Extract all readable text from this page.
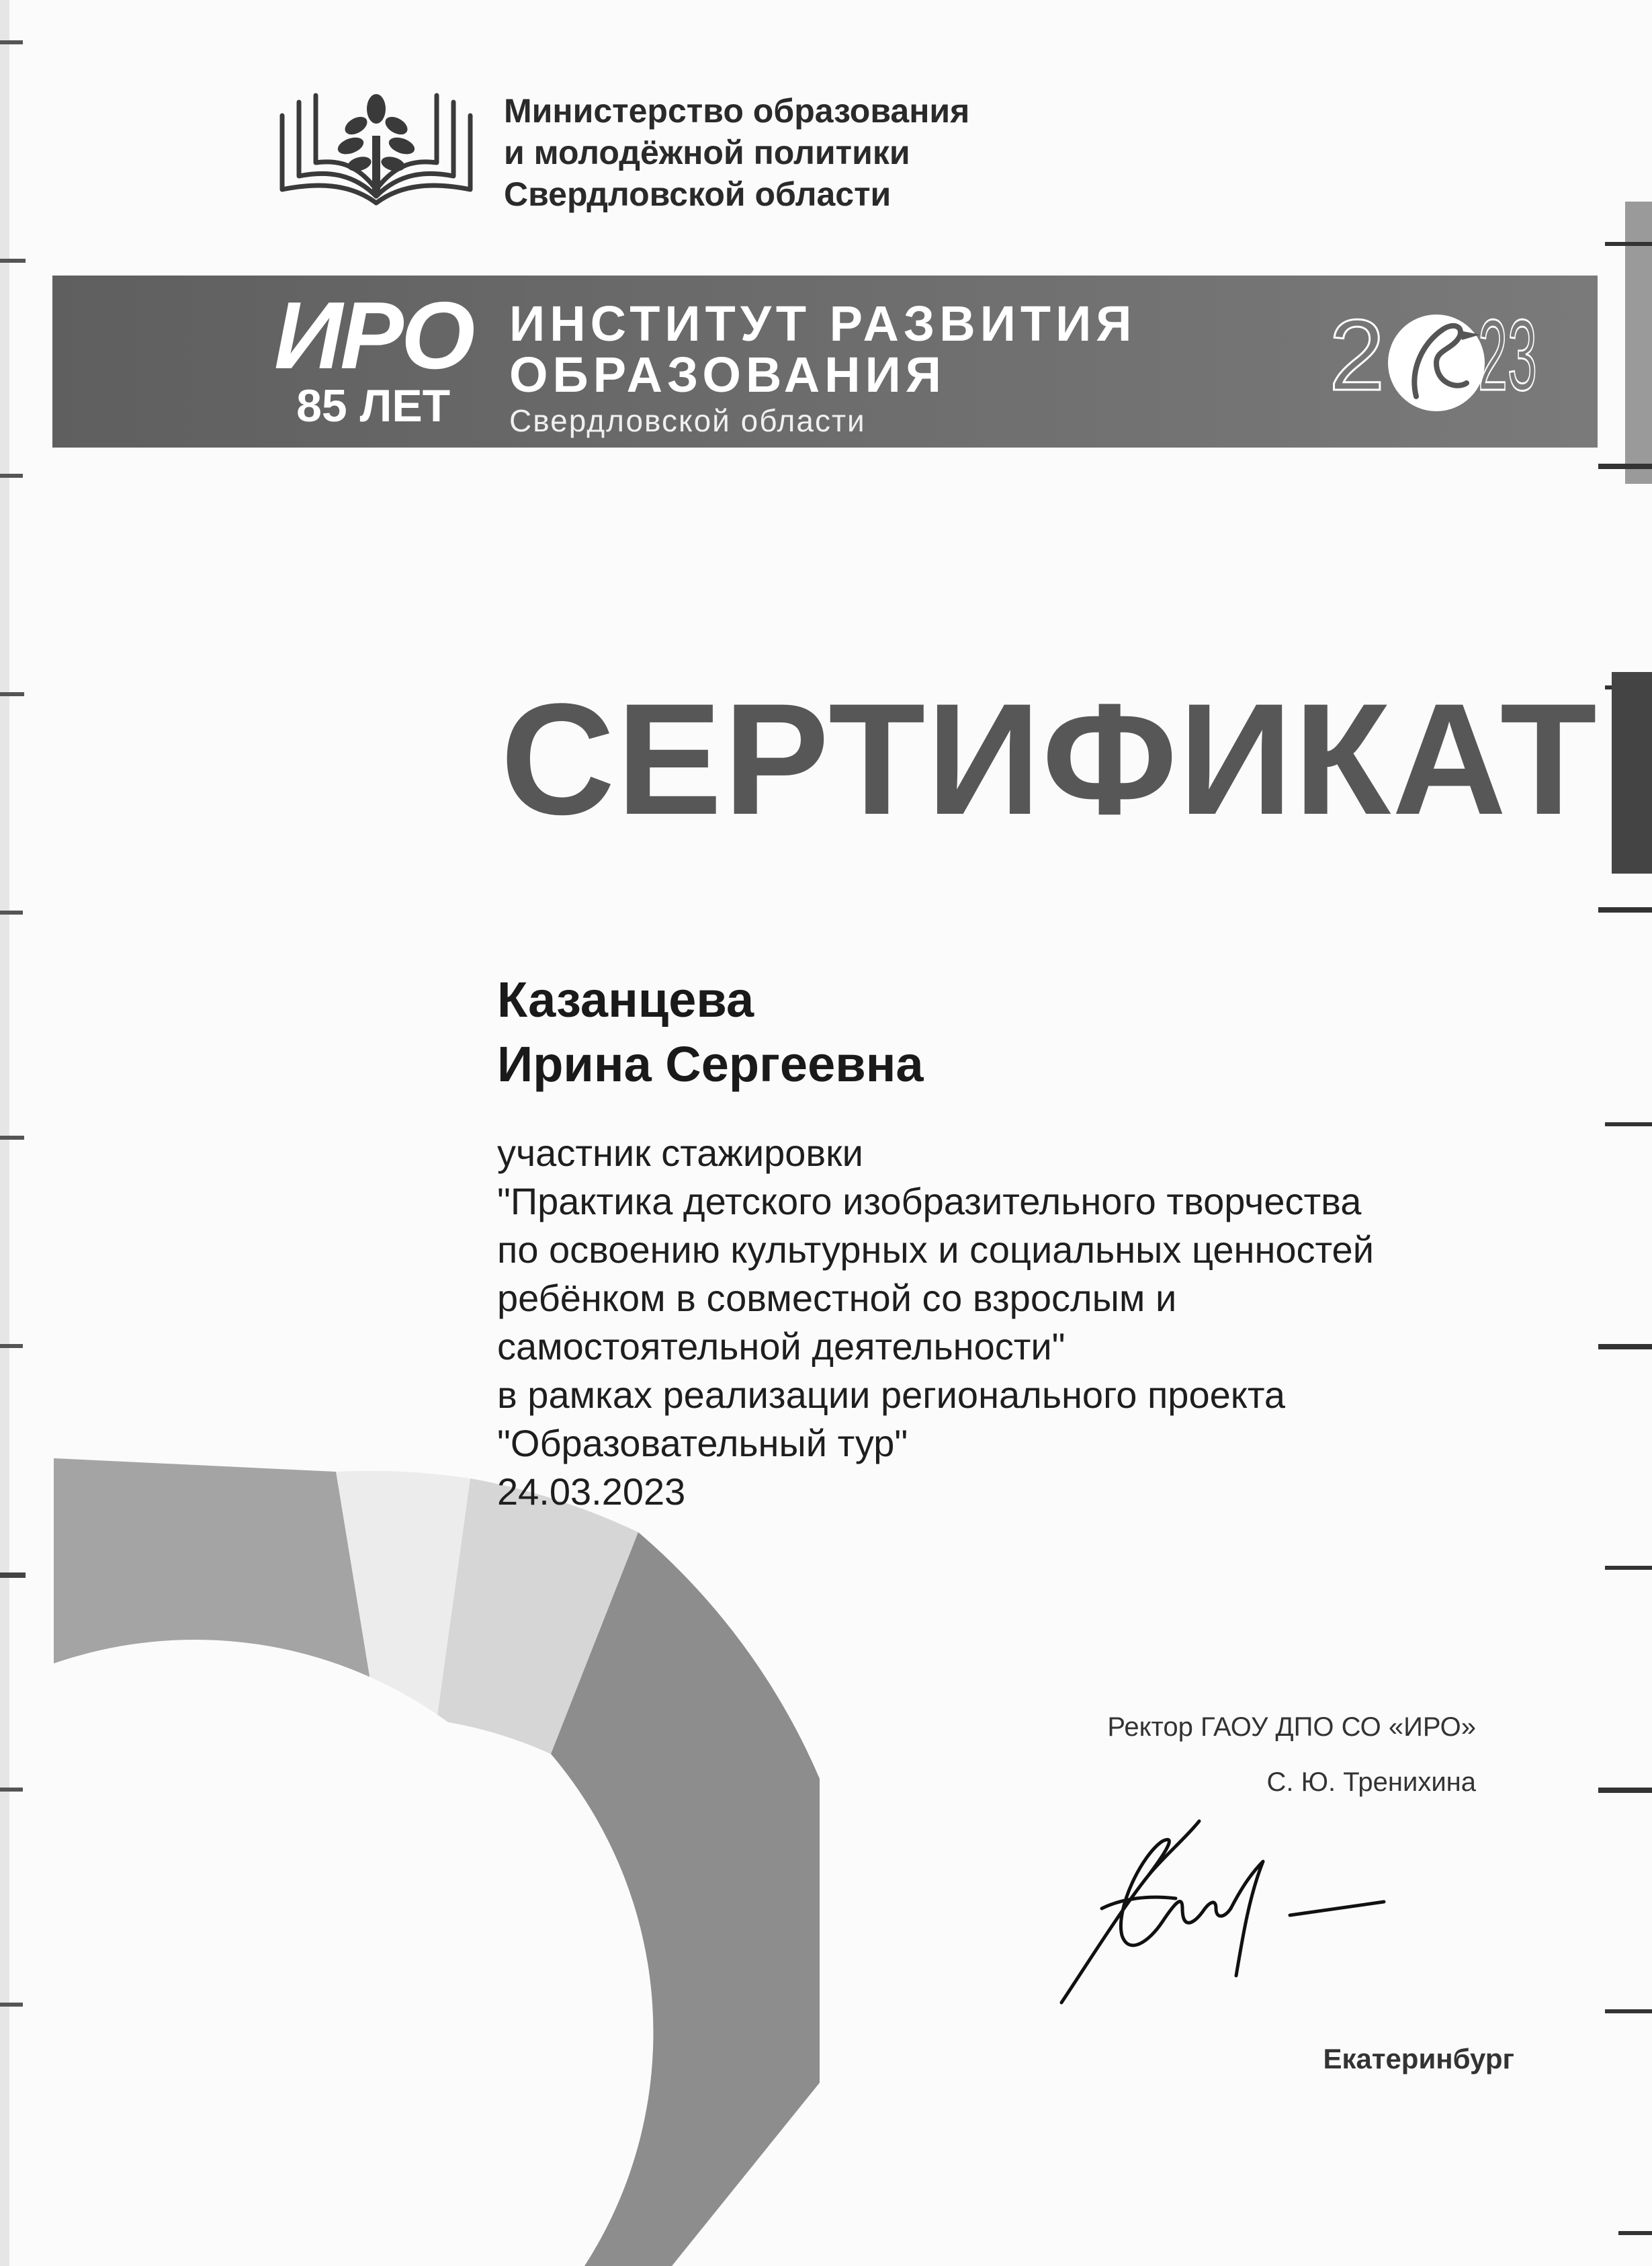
Министерство образования
и молодёжной политики
Свердловской области
ИРО
85 ЛЕТ
ИНСТИТУТ РАЗВИТИЯ
ОБРАЗОВАНИЯ
Свердловской области
2 23
СЕРТИФИКАТ
Казанцева
Ирина Сергеевна
участник стажировки
"Практика детского изобразительного творчества
по освоению культурных и социальных ценностей
ребёнком в совместной со взрослым и
самостоятельной деятельности"
в рамках реализации регионального проекта
"Образовательный тур"
24.03.2023
Ректор ГАОУ ДПО СО «ИРО»
С. Ю. Тренихина
Екатеринбург
